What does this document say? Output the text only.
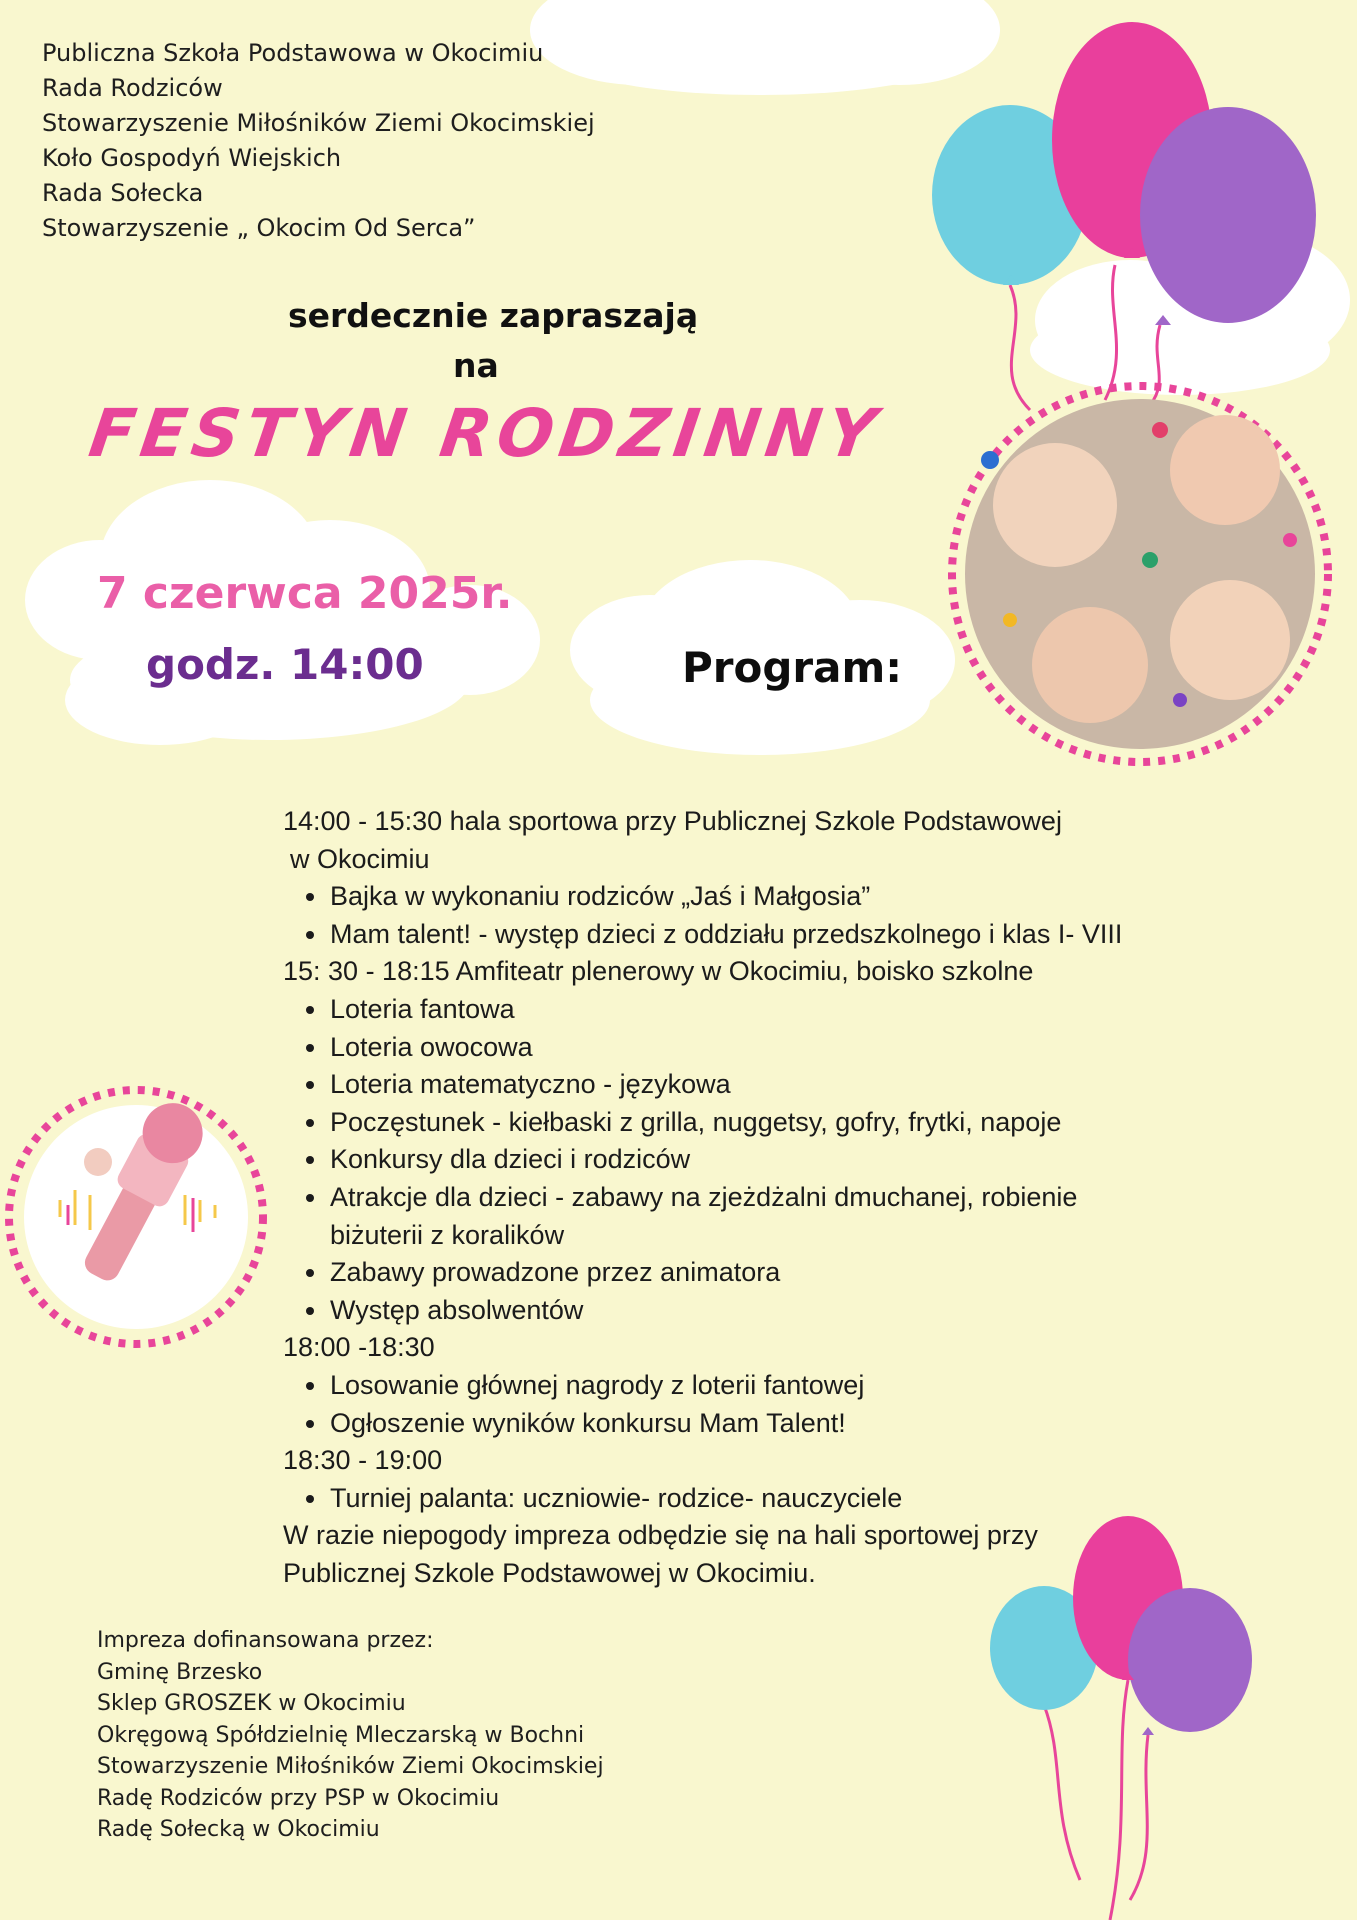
Publiczna Szkoła Podstawowa w Okocimiu
Rada Rodziców
Stowarzyszenie Miłośników Ziemi Okocimskiej
Koło Gospodyń Wiejskich
Rada Sołecka
Stowarzyszenie „ Okocim Od Serca”
serdecznie zapraszają
na
FESTYN RODZINNY
7 czerwca 2025r.
godz. 14:00	Program:
14:00 - 15:30 hala sportowa przy Publicznej Szkole Podstawowej
w Okocimiu
Bajka w wykonaniu rodziców „Jaś i Małgosia”
Mam talent! - występ dzieci z oddziału przedszkolnego i klas I- VIII
15: 30 - 18:15 Amfiteatr plenerowy w Okocimiu, boisko szkolne
Loteria fantowa
Loteria owocowa
Loteria matematyczno - językowa
Poczęstunek - kiełbaski z grilla, nuggetsy, gofry, frytki, napoje
Konkursy dla dzieci i rodziców
Atrakcje dla dzieci - zabawy na zjeżdżalni dmuchanej, robienie
biżuterii z koralików
Zabawy prowadzone przez animatora
Występ absolwentów
18:00 -18:30
Losowanie głównej nagrody z loterii fantowej
Ogłoszenie wyników konkursu Mam Talent!
18:30 - 19:00
Turniej palanta: uczniowie- rodzice- nauczyciele
W razie niepogody impreza odbędzie się na hali sportowej przy
Publicznej Szkole Podstawowej w Okocimiu.
Impreza dofinansowana przez:
Gminę Brzesko
Sklep GROSZEK w Okocimiu
Okręgową Spółdzielnię Mleczarską w Bochni
Stowarzyszenie Miłośników Ziemi Okocimskiej
Radę Rodziców przy PSP w Okocimiu
Radę Sołecką w Okocimiu
